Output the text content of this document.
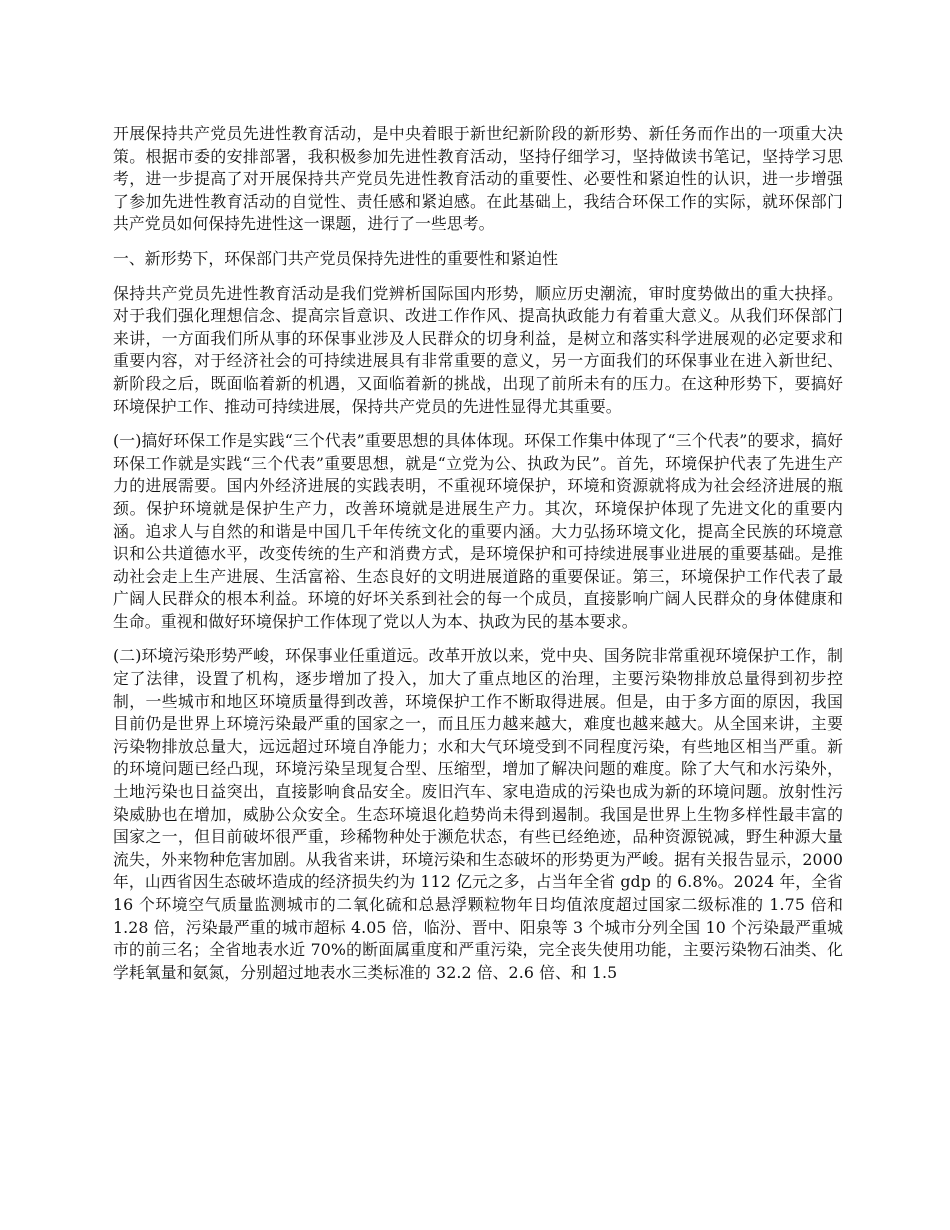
开展保持共产党员先进性教育活动，是中央着眼于新世纪新阶段的新形势、新任务而作出的一项重大决策。根据市委的安排部署，我积极参加先进性教育活动，坚持仔细学习，坚持做读书笔记，坚持学习思考，进一步提高了对开展保持共产党员先进性教育活动的重要性、必要性和紧迫性的认识，进一步增强了参加先进性教育活动的自觉性、责任感和紧迫感。在此基础上，我结合环保工作的实际，就环保部门共产党员如何保持先进性这一课题，进行了一些思考。

一、新形势下，环保部门共产党员保持先进性的重要性和紧迫性

保持共产党员先进性教育活动是我们党辨析国际国内形势，顺应历史潮流，审时度势做出的重大抉择。对于我们强化理想信念、提高宗旨意识、改进工作作风、提高执政能力有着重大意义。从我们环保部门来讲，一方面我们所从事的环保事业涉及人民群众的切身利益，是树立和落实科学进展观的必定要求和重要内容，对于经济社会的可持续进展具有非常重要的意义，另一方面我们的环保事业在进入新世纪、新阶段之后，既面临着新的机遇，又面临着新的挑战，出现了前所未有的压力。在这种形势下，要搞好环境保护工作、推动可持续进展，保持共产党员的先进性显得尤其重要。

(一)搞好环保工作是实践“三个代表”重要思想的具体体现。环保工作集中体现了“三个代表”的要求，搞好环保工作就是实践“三个代表”重要思想，就是“立党为公、执政为民”。首先，环境保护代表了先进生产力的进展需要。国内外经济进展的实践表明，不重视环境保护，环境和资源就将成为社会经济进展的瓶颈。保护环境就是保护生产力，改善环境就是进展生产力。其次，环境保护体现了先进文化的重要内涵。追求人与自然的和谐是中国几千年传统文化的重要内涵。大力弘扬环境文化，提高全民族的环境意识和公共道德水平，改变传统的生产和消费方式，是环境保护和可持续进展事业进展的重要基础。是推动社会走上生产进展、生活富裕、生态良好的文明进展道路的重要保证。第三，环境保护工作代表了最广阔人民群众的根本利益。环境的好坏关系到社会的每一个成员，直接影响广阔人民群众的身体健康和生命。重视和做好环境保护工作体现了党以人为本、执政为民的基本要求。

(二)环境污染形势严峻，环保事业任重道远。改革开放以来，党中央、国务院非常重视环境保护工作，制定了法律，设置了机构，逐步增加了投入，加大了重点地区的治理，主要污染物排放总量得到初步控制，一些城市和地区环境质量得到改善，环境保护工作不断取得进展。但是，由于多方面的原因，我国目前仍是世界上环境污染最严重的国家之一，而且压力越来越大，难度也越来越大。从全国来讲，主要污染物排放总量大，远远超过环境自净能力；水和大气环境受到不同程度污染，有些地区相当严重。新的环境问题已经凸现，环境污染呈现复合型、压缩型，增加了解决问题的难度。除了大气和水污染外，土地污染也日益突出，直接影响食品安全。废旧汽车、家电造成的污染也成为新的环境问题。放射性污染威胁也在增加，威胁公众安全。生态环境退化趋势尚未得到遏制。我国是世界上生物多样性最丰富的国家之一，但目前破坏很严重，珍稀物种处于濒危状态，有些已经绝迹，品种资源锐减，野生种源大量流失，外来物种危害加剧。从我省来讲，环境污染和生态破坏的形势更为严峻。据有关报告显示，2000 年，山西省因生态破坏造成的经济损失约为 112 亿元之多，占当年全省 gdp 的 6.8%。2024 年，全省 16 个环境空气质量监测城市的二氧化硫和总悬浮颗粒物年日均值浓度超过国家二级标准的 1.75 倍和 1.28 倍，污染最严重的城市超标 4.05 倍，临汾、晋中、阳泉等 3 个城市分列全国 10 个污染最严重城市的前三名；全省地表水近 70%的断面属重度和严重污染，完全丧失使用功能，主要污染物石油类、化学耗氧量和氨氮，分别超过地表水三类标准的 32.2 倍、2.6 倍、和 1.5
